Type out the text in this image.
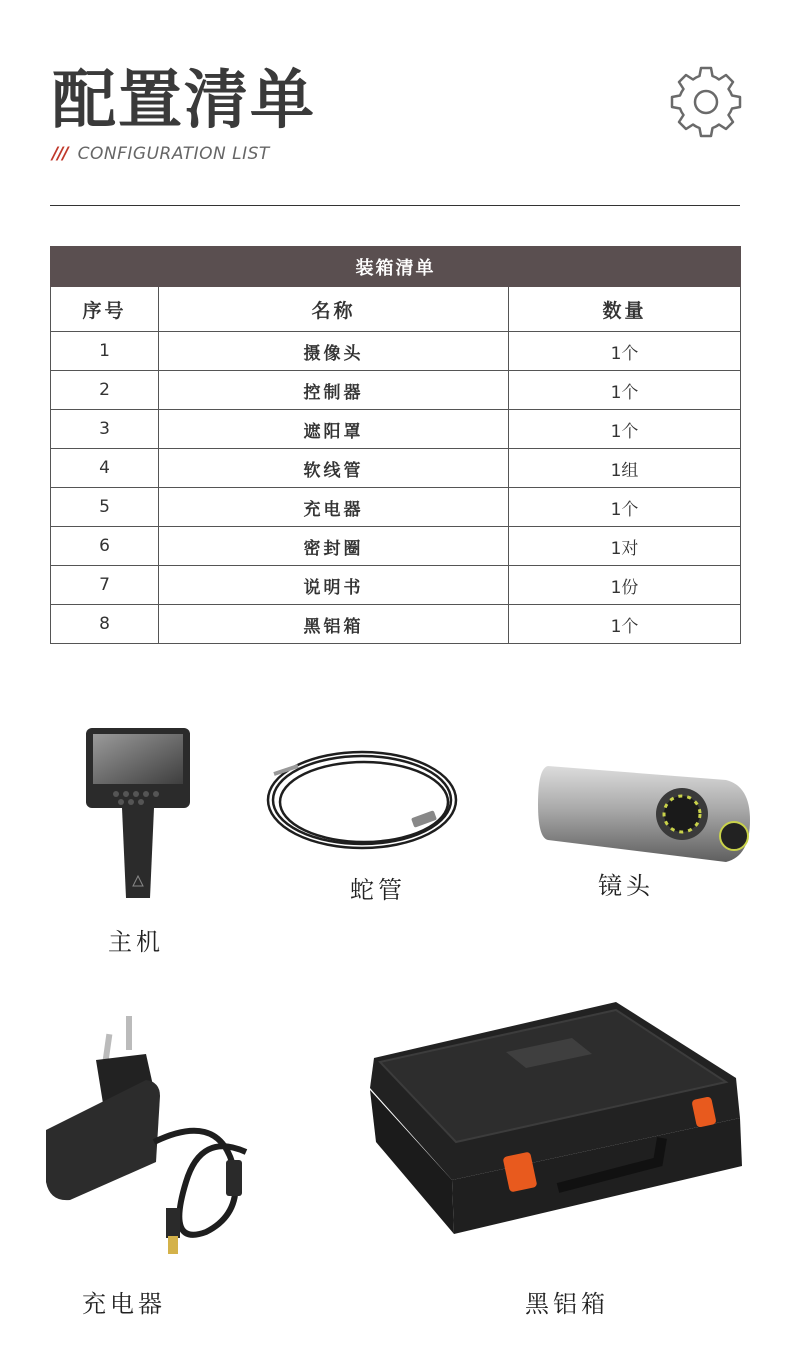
配置清单
/// CONFIGURATION LIST
装箱清单		
序号	名称	数量
1	摄像头	1个
2	控制器	1个
3	遮阳罩	1个
4	软线管	1组
5	充电器	1个
6	密封圈	1对
7	说明书	1份
8	黑铝箱	1个
主机
蛇管	镜头
充电器	黑铝箱
